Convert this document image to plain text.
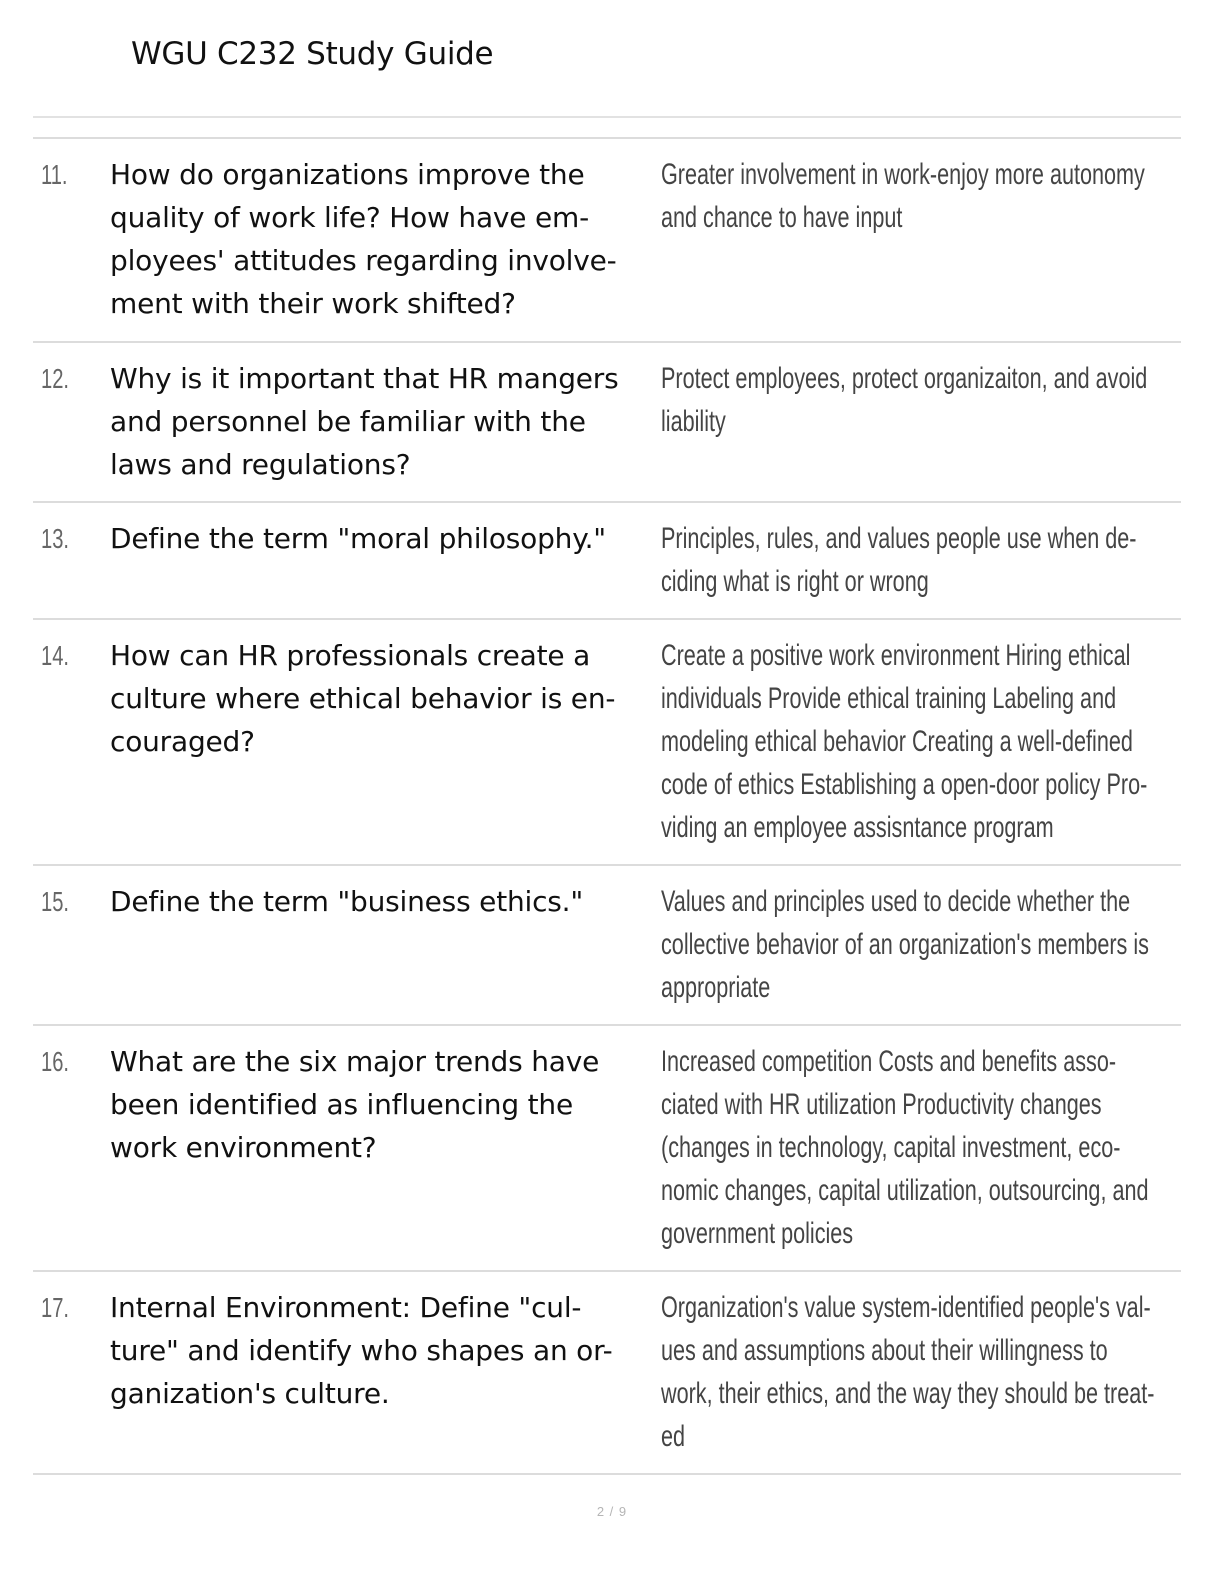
WGU C232 Study Guide
11. How do organizations improve the
quality of work life? How have em-
ployees' attitudes regarding involve-
ment with their work shifted?
Greater involvement in work-enjoy more autonomy
and chance to have input
12. Why is it important that HR mangers
and personnel be familiar with the
laws and regulations?
Protect employees, protect organizaiton, and avoid
liability
13. Define the term "moral philosophy."	Principles, rules, and values people use when de-
ciding what is right or wrong
14. How can HR professionals create a
culture where ethical behavior is en-
couraged?
Create a positive work environment Hiring ethical
individuals Provide ethical training Labeling and
modeling ethical behavior Creating a well-defined
code of ethics Establishing a open-door policy Pro-
viding an employee assisntance program
15. Define the term "business ethics."	Values and principles used to decide whether the
collective behavior of an organization's members is
appropriate
16. What are the six major trends have
been identified as influencing the
work environment?
Increased competition Costs and benefits asso-
ciated with HR utilization Productivity changes
(changes in technology, capital investment, eco-
nomic changes, capital utilization, outsourcing, and
government policies
17. Internal Environment: Define "cul-
ture" and identify who shapes an or-
ganization's culture.
Organization's value system-identified people's val-
ues and assumptions about their willingness to
work, their ethics, and the way they should be treat-
ed
2 / 9
